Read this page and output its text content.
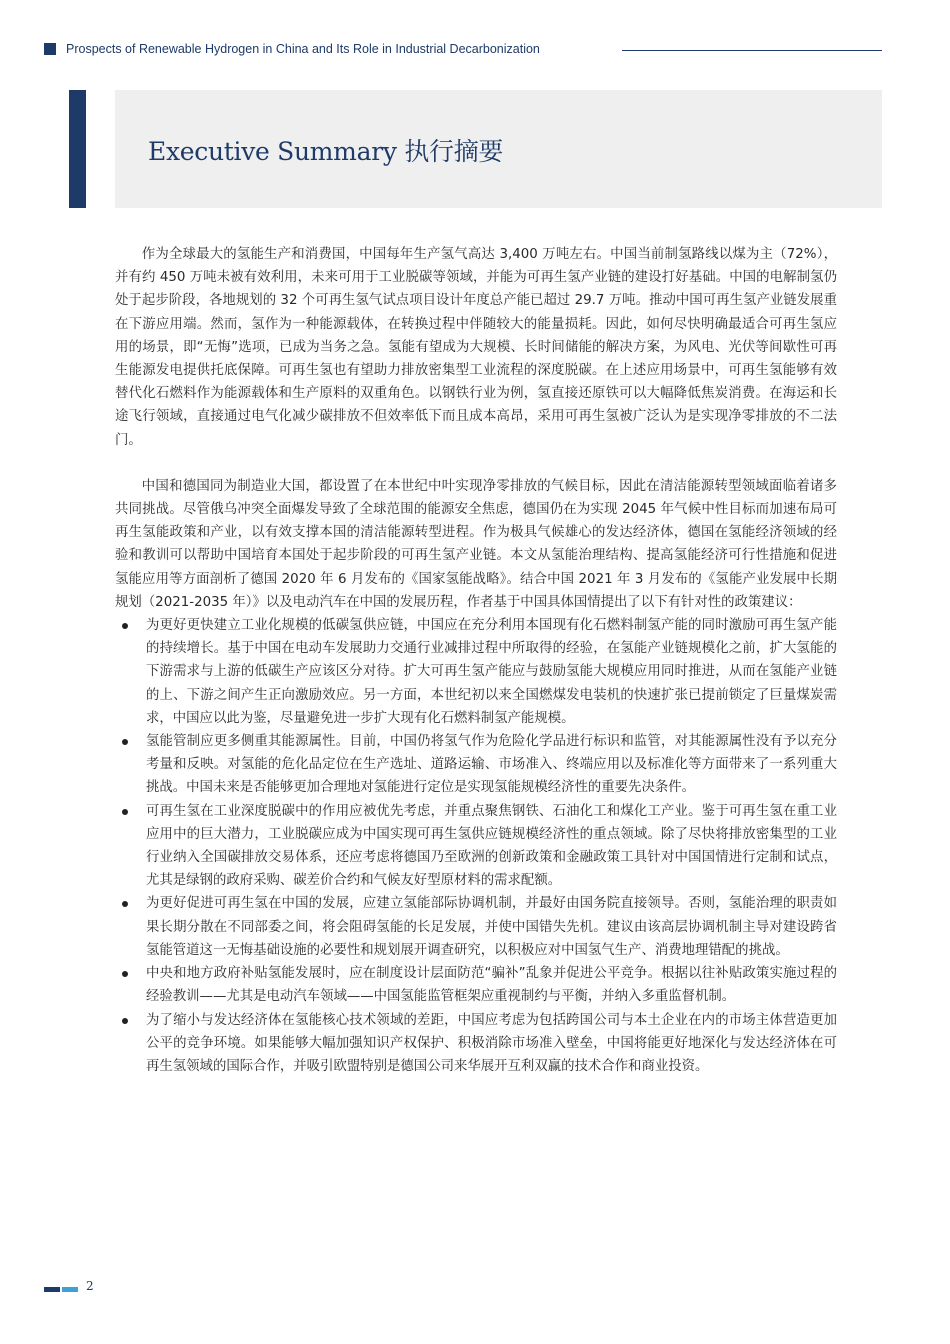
Prospects of Renewable Hydrogen in China and Its Role in Industrial Decarbonization
Executive Summary 执行摘要

作为全球最大的氢能生产和消费国，中国每年生产氢气高达 3,400 万吨左右。中国当前制氢路线以煤为主（72%），并有约 450 万吨未被有效利用，未来可用于工业脱碳等领域，并能为可再生氢产业链的建设打好基础。中国的电解制氢仍处于起步阶段，各地规划的 32 个可再生氢气试点项目设计年度总产能已超过 29.7 万吨。推动中国可再生氢产业链发展重在下游应用端。然而，氢作为一种能源载体，在转换过程中伴随较大的能量损耗。因此，如何尽快明确最适合可再生氢应用的场景，即“无悔”选项，已成为当务之急。氢能有望成为大规模、长时间储能的解决方案，为风电、光伏等间歇性可再生能源发电提供托底保障。可再生氢也有望助力排放密集型工业流程的深度脱碳。在上述应用场景中，可再生氢能够有效替代化石燃料作为能源载体和生产原料的双重角色。以钢铁行业为例，氢直接还原铁可以大幅降低焦炭消费。在海运和长途飞行领域，直接通过电气化减少碳排放不但效率低下而且成本高昂，采用可再生氢被广泛认为是实现净零排放的不二法门。

中国和德国同为制造业大国，都设置了在本世纪中叶实现净零排放的气候目标，因此在清洁能源转型领域面临着诸多共同挑战。尽管俄乌冲突全面爆发导致了全球范围的能源安全焦虑，德国仍在为实现 2045 年气候中性目标而加速布局可再生氢能政策和产业，以有效支撑本国的清洁能源转型进程。作为极具气候雄心的发达经济体，德国在氢能经济领域的经验和教训可以帮助中国培育本国处于起步阶段的可再生氢产业链。本文从氢能治理结构、提高氢能经济可行性措施和促进氢能应用等方面剖析了德国 2020 年 6 月发布的《国家氢能战略》。结合中国 2021 年 3 月发布的《氢能产业发展中长期规划（2021-2035 年）》以及电动汽车在中国的发展历程，作者基于中国具体国情提出了以下有针对性的政策建议：

为更好更快建立工业化规模的低碳氢供应链，中国应在充分利用本国现有化石燃料制氢产能的同时激励可再生氢产能的持续增长。基于中国在电动车发展助力交通行业减排过程中所取得的经验，在氢能产业链规模化之前，扩大氢能的下游需求与上游的低碳生产应该区分对待。扩大可再生氢产能应与鼓励氢能大规模应用同时推进，从而在氢能产业链的上、下游之间产生正向激励效应。另一方面，本世纪初以来全国燃煤发电装机的快速扩张已提前锁定了巨量煤炭需求，中国应以此为鉴，尽量避免进一步扩大现有化石燃料制氢产能规模。
氢能管制应更多侧重其能源属性。目前，中国仍将氢气作为危险化学品进行标识和监管，对其能源属性没有予以充分考量和反映。对氢能的危化品定位在生产选址、道路运输、市场准入、终端应用以及标准化等方面带来了一系列重大挑战。中国未来是否能够更加合理地对氢能进行定位是实现氢能规模经济性的重要先决条件。
可再生氢在工业深度脱碳中的作用应被优先考虑，并重点聚焦钢铁、石油化工和煤化工产业。鉴于可再生氢在重工业应用中的巨大潜力，工业脱碳应成为中国实现可再生氢供应链规模经济性的重点领域。除了尽快将排放密集型的工业行业纳入全国碳排放交易体系，还应考虑将德国乃至欧洲的创新政策和金融政策工具针对中国国情进行定制和试点，尤其是绿钢的政府采购、碳差价合约和气候友好型原材料的需求配额。
为更好促进可再生氢在中国的发展，应建立氢能部际协调机制，并最好由国务院直接领导。否则，氢能治理的职责如果长期分散在不同部委之间，将会阻碍氢能的长足发展，并使中国错失先机。建议由该高层协调机制主导对建设跨省氢能管道这一无悔基础设施的必要性和规划展开调查研究，以积极应对中国氢气生产、消费地理错配的挑战。
中央和地方政府补贴氢能发展时，应在制度设计层面防范“骗补”乱象并促进公平竞争。根据以往补贴政策实施过程的经验教训——尤其是电动汽车领域——中国氢能监管框架应重视制约与平衡，并纳入多重监督机制。
为了缩小与发达经济体在氢能核心技术领域的差距，中国应考虑为包括跨国公司与本土企业在内的市场主体营造更加公平的竞争环境。如果能够大幅加强知识产权保护、积极消除市场准入壁垒，中国将能更好地深化与发达经济体在可再生氢领域的国际合作，并吸引欧盟特别是德国公司来华展开互利双赢的技术合作和商业投资。
2
